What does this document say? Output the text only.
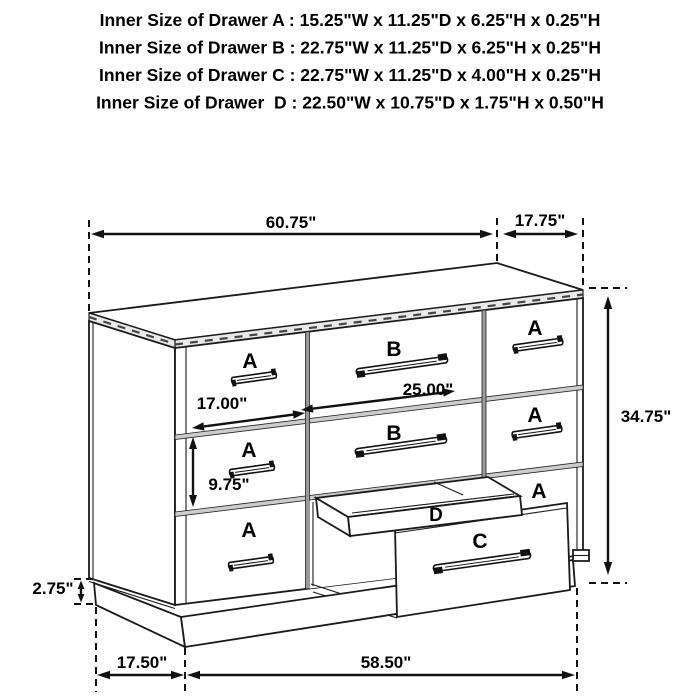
Inner Size of Drawer A : 15.25"W x 11.25"D x 6.25"H x 0.25"H
Inner Size of Drawer B : 22.75"W x 11.25"D x 6.25"H x 0.25"H
Inner Size of Drawer C : 22.75"W x 11.25"D x 4.00"H x 0.25"H
Inner Size of Drawer  D : 22.50"W x 10.75"D x 1.75"H x 0.50"H
A
A
A
B
B
A
A
A
C
D
60.75"	17.75"
17.00"
25.00"
9.75"
34.75"
2.75"
17.50"	58.50"
